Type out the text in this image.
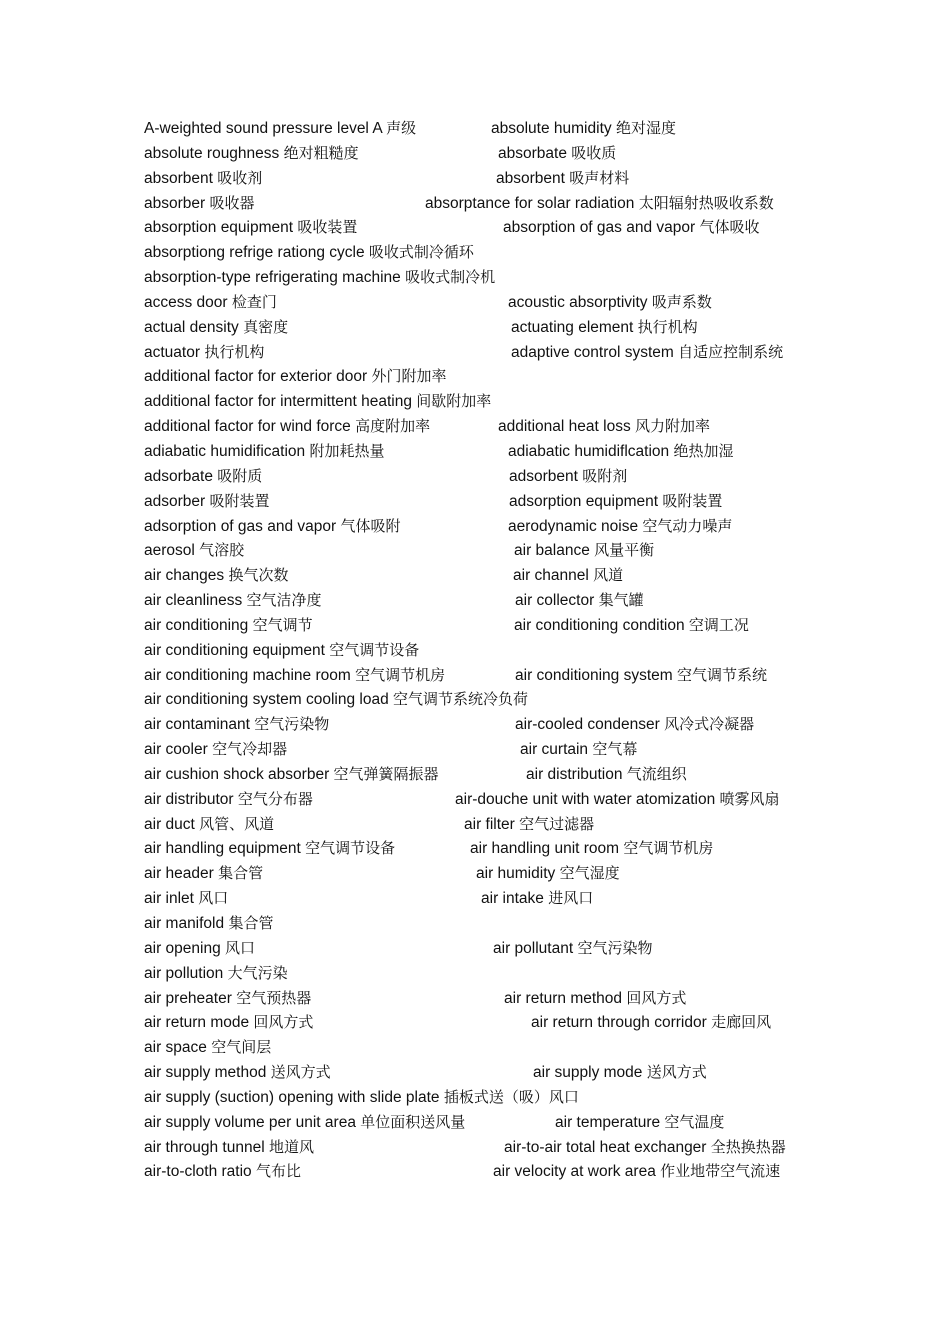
A-weighted sound pressure level A 声级	absolute humidity 绝对湿度
absolute roughness 绝对粗糙度	absorbate 吸收质
absorbent 吸收剂	absorbent 吸声材料
absorber 吸收器	absorptance for solar radiation 太阳辐射热吸收系数
absorption equipment 吸收装置	absorption of gas and vapor 气体吸收
absorptiong refrige rationg cycle 吸收式制冷循环
absorption-type refrigerating machine 吸收式制冷机
access door 检查门	acoustic absorptivity 吸声系数
actual density 真密度	actuating element 执行机构
actuator 执行机构	adaptive control system 自适应控制系统
additional factor for exterior door 外门附加率
additional factor for intermittent heating 间歇附加率
additional factor for wind force 高度附加率	additional heat loss 风力附加率
adiabatic humidification 附加耗热量	adiabatic humidiflcation 绝热加湿
adsorbate 吸附质	adsorbent 吸附剂
adsorber 吸附装置	adsorption equipment 吸附装置
adsorption of gas and vapor 气体吸附	aerodynamic noise 空气动力噪声
aerosol 气溶胶	air balance 风量平衡
air changes 换气次数	air channel 风道
air cleanliness 空气洁净度	air collector 集气罐
air conditioning 空气调节	air conditioning condition 空调工况
air conditioning equipment 空气调节设备
air conditioning machine room 空气调节机房	air conditioning system 空气调节系统
air conditioning system cooling load 空气调节系统冷负荷
air contaminant 空气污染物	air-cooled condenser 风冷式冷凝器
air cooler 空气冷却器	air curtain 空气幕
air cushion shock absorber 空气弹簧隔振器	air distribution 气流组织
air distributor 空气分布器	air-douche unit with water atomization 喷雾风扇
air duct 风管、风道	air filter 空气过滤器
air handling equipment 空气调节设备	air handling unit room 空气调节机房
air header 集合管	air humidity 空气湿度
air inlet 风口	air intake 进风口
air manifold 集合管
air opening 风口	air pollutant 空气污染物
air pollution 大气污染
air preheater 空气预热器	air return method 回风方式
air return mode 回风方式	air return through corridor 走廊回风
air space 空气间层
air supply method 送风方式	air supply mode 送风方式
air supply (suction) opening with slide plate 插板式送（吸）风口
air supply volume per unit area 单位面积送风量	air temperature 空气温度
air through tunnel 地道风	air-to-air total heat exchanger 全热换热器
air-to-cloth ratio 气布比	air velocity at work area 作业地带空气流速
